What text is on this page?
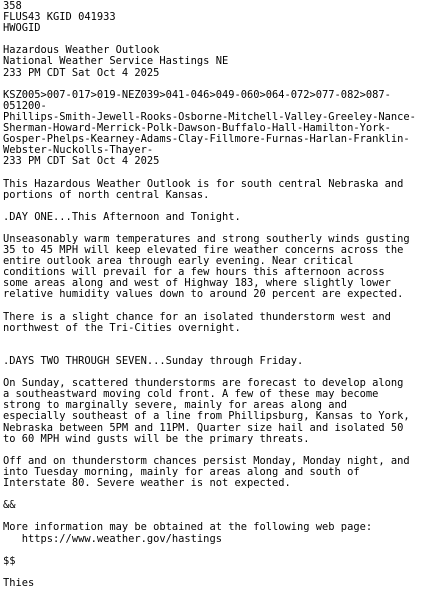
358
FLUS43 KGID 041933
HWOGID
Hazardous Weather Outlook
National Weather Service Hastings NE
233 PM CDT Sat Oct 4 2025
KSZ005>007-017>019-NEZ039>041-046>049-060>064-072>077-082>087-
051200-
Phillips-Smith-Jewell-Rooks-Osborne-Mitchell-Valley-Greeley-Nance-
Sherman-Howard-Merrick-Polk-Dawson-Buffalo-Hall-Hamilton-York-
Gosper-Phelps-Kearney-Adams-Clay-Fillmore-Furnas-Harlan-Franklin-
Webster-Nuckolls-Thayer-
233 PM CDT Sat Oct 4 2025
This Hazardous Weather Outlook is for south central Nebraska and
portions of north central Kansas.
.DAY ONE...This Afternoon and Tonight.
Unseasonably warm temperatures and strong southerly winds gusting
35 to 45 MPH will keep elevated fire weather concerns across the
entire outlook area through early evening. Near critical
conditions will prevail for a few hours this afternoon across
some areas along and west of Highway 183, where slightly lower
relative humidity values down to around 20 percent are expected.
There is a slight chance for an isolated thunderstorm west and
northwest of the Tri-Cities overnight.
.DAYS TWO THROUGH SEVEN...Sunday through Friday.
On Sunday, scattered thunderstorms are forecast to develop along
a southeastward moving cold front. A few of these may become
strong to marginally severe, mainly for areas along and
especially southeast of a line from Phillipsburg, Kansas to York,
Nebraska between 5PM and 11PM. Quarter size hail and isolated 50
to 60 MPH wind gusts will be the primary threats.
Off and on thunderstorm chances persist Monday, Monday night, and
into Tuesday morning, mainly for areas along and south of
Interstate 80. Severe weather is not expected.
&&
More information may be obtained at the following web page:
https://www.weather.gov/hastings
$$
Thies
